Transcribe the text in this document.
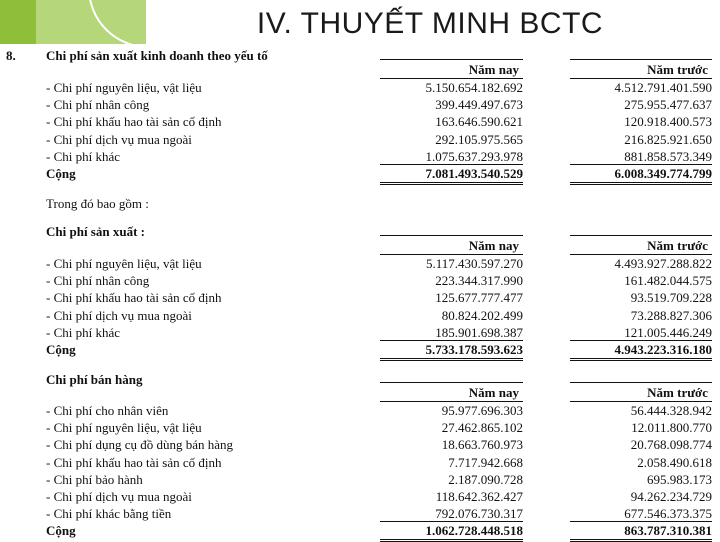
IV. THUYẾT MINH BCTC
8. Chi phí sản xuất kinh doanh theo yếu tố
Năm nay	Năm trước
- Chi phí nguyên liệu, vật liệu	5.150.654.182.692	4.512.791.401.590
- Chi phí nhân công	399.449.497.673	275.955.477.637
- Chi phí khấu hao tài sản cố định	163.646.590.621	120.918.400.573
- Chi phí dịch vụ mua ngoài	292.105.975.565	216.825.921.650
- Chi phí khác	1.075.637.293.978	881.858.573.349
Cộng	7.081.493.540.529	6.008.349.774.799
Trong đó bao gồm :
Chi phí sản xuất :
Năm nay	Năm trước
- Chi phí nguyên liệu, vật liệu	5.117.430.597.270	4.493.927.288.822
- Chi phí nhân công	223.344.317.990	161.482.044.575
- Chi phí khấu hao tài sản cố định	125.677.777.477	93.519.709.228
- Chi phí dịch vụ mua ngoài	80.824.202.499	73.288.827.306
- Chi phí khác	185.901.698.387	121.005.446.249
Cộng	5.733.178.593.623	4.943.223.316.180
Chi phí bán hàng
Năm nay	Năm trước
- Chi phí cho nhân viên	95.977.696.303	56.444.328.942
- Chi phí nguyên liệu, vật liệu	27.462.865.102	12.011.800.770
- Chi phí dụng cụ đồ dùng bán hàng	18.663.760.973	20.768.098.774
- Chi phí khấu hao tài sản cố định	7.717.942.668	2.058.490.618
- Chi phí bảo hành	2.187.090.728	695.983.173
- Chi phí dịch vụ mua ngoài	118.642.362.427	94.262.234.729
- Chi phí khác bằng tiền	792.076.730.317	677.546.373.375
Cộng	1.062.728.448.518	863.787.310.381
